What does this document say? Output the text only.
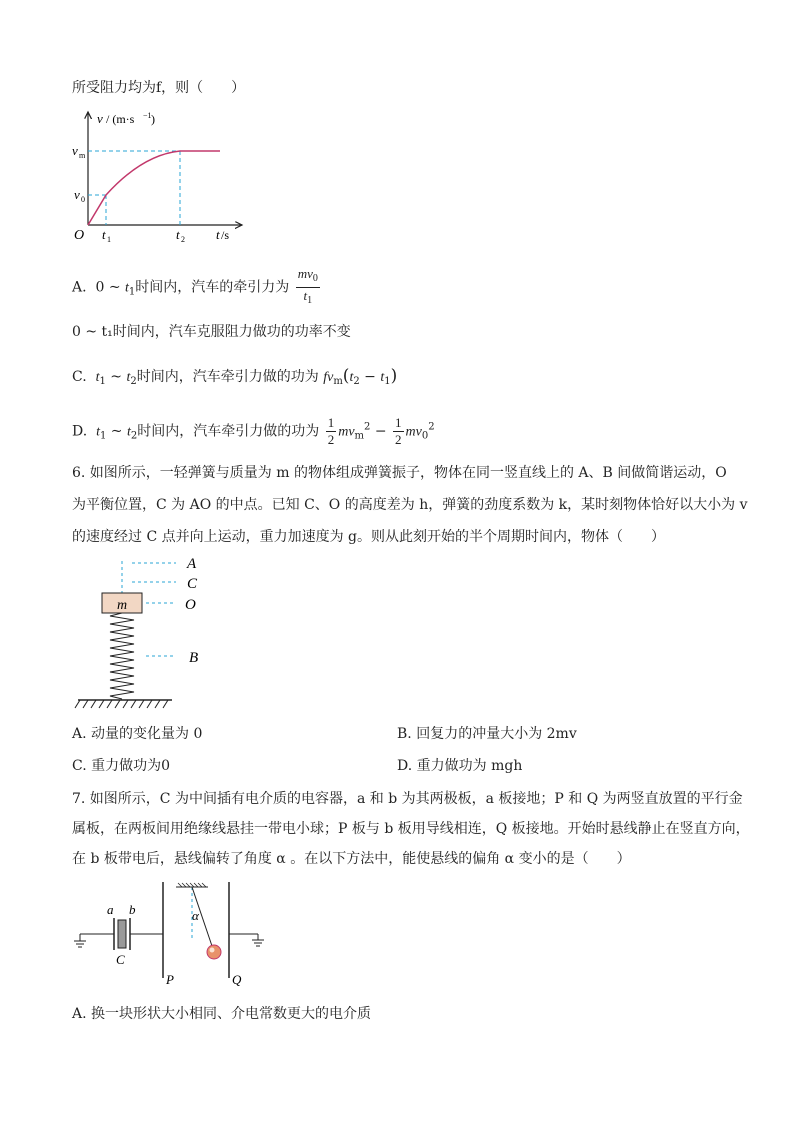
所受阻力均为f，则（　　）
v / (m·s −1 )
v m
v 0
O t 1	t 2 t /s
A. 0 ~ $t_1$时间内，汽车的牵引力为 $\frac{mv_0}{t_1}$
0 ~ t₁时间内，汽车克服阻力做功的功率不变
C. $t_1$ ~ $t_2$时间内，汽车牵引力做的功为 $fv_m(t_2 - t_1)$
D. $t_1$ ~ $t_2$时间内，汽车牵引力做的功为 $\frac{1}{2} mv_m^2 - \frac{1}{2} mv_0^2$
6. 如图所示，一轻弹簧与质量为 m 的物体组成弹簧振子，物体在同一竖直线上的 A、B 间做简谐运动，O
为平衡位置，C 为 AO 的中点。已知 C、O 的高度差为 h，弹簧的劲度系数为 k，某时刻物体恰好以大小为 v
的速度经过 C 点并向上运动，重力加速度为 g。则从此刻开始的半个周期时间内，物体（　　）
m
A
C
O
B
A. 动量的变化量为 0	B. 回复力的冲量大小为 2mv
C. 重力做功为0	D. 重力做功为 mgh
7. 如图所示，C 为中间插有电介质的电容器，a 和 b 为其两极板，a 板接地；P 和 Q 为两竖直放置的平行金
属板，在两板间用绝缘线悬挂一带电小球；P 板与 b 板用导线相连，Q 板接地。开始时悬线静止在竖直方向，
在 b 板带电后，悬线偏转了角度 α 。在以下方法中，能使悬线的偏角 α 变小的是（　　）
a b
C
α
P	Q
A. 换一块形状大小相同、介电常数更大的电介质
